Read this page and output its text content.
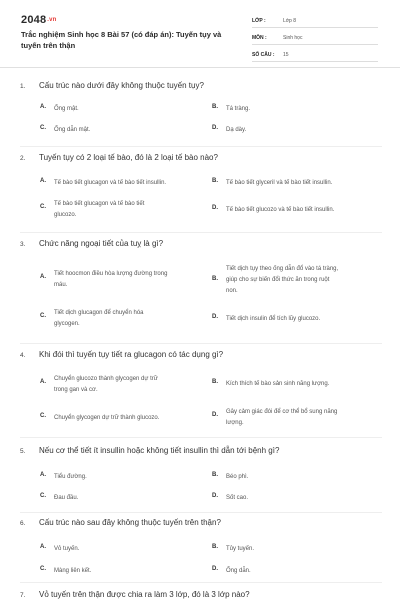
2048.vn
Trắc nghiệm Sinh học 8 Bài 57 (có đáp án): Tuyến tụy và
tuyến trên thận
LỚP :	Lớp 8
MÔN :	Sinh học
SỐ CÂU :	15
1. Cấu trúc nào dưới đây không thuộc tuyến tụy?
A. Ống mật.	B. Tá tràng.
C. Ống dẫn mật.	D. Dạ dày.
2. Tuyến tụy có 2 loại tế bào, đó là 2 loại tế bào nào?
A. Tế bào tiết glucagon và tế bào tiết insullin.	B. Tế bào tiết glyceril và tế bào tiết insullin.
C. Tế bào tiết glucagon và tế bào tiết
glucozo.
D. Tế bào tiết glucozo và tế bào tiết insullin.
3. Chức năng ngoại tiết của tuỵ là gì?
A. Tiết hoocmon điều hòa lượng đường trong
máu.
B.
Tiết dịch tụy theo ống dẫn đổ vào tá tràng,
giúp cho sự biến đổi thức ăn trong ruột
non.
C. Tiết dịch glucagon để chuyển hóa
glycogen.
D. Tiết dịch insulin để tích lũy glucozo.
4. Khi đói thì tuyến tụy tiết ra glucagon có tác dụng gì?
A. Chuyển glucozo thành glycogen dự trữ
trong gan và cơ.
B. Kích thích tế bào sản sinh năng lượng.
C. Chuyển glycogen dự trữ thành glucozo.	D. Gây cảm giác đói để cơ thể bổ sung năng
lượng.
5. Nếu cơ thể tiết ít insullin hoặc không tiết insullin thì dẫn tới bệnh gì?
A. Tiểu đường.	B. Béo phì.
C. Đau đầu.	D. Sốt cao.
6. Cấu trúc nào sau đây không thuộc tuyến trên thận?
A. Vỏ tuyến.	B. Tủy tuyến.
C. Màng liên kết.	D. Ống dẫn.
7. Vỏ tuyến trên thận được chia ra làm 3 lớp, đó là 3 lớp nào?
